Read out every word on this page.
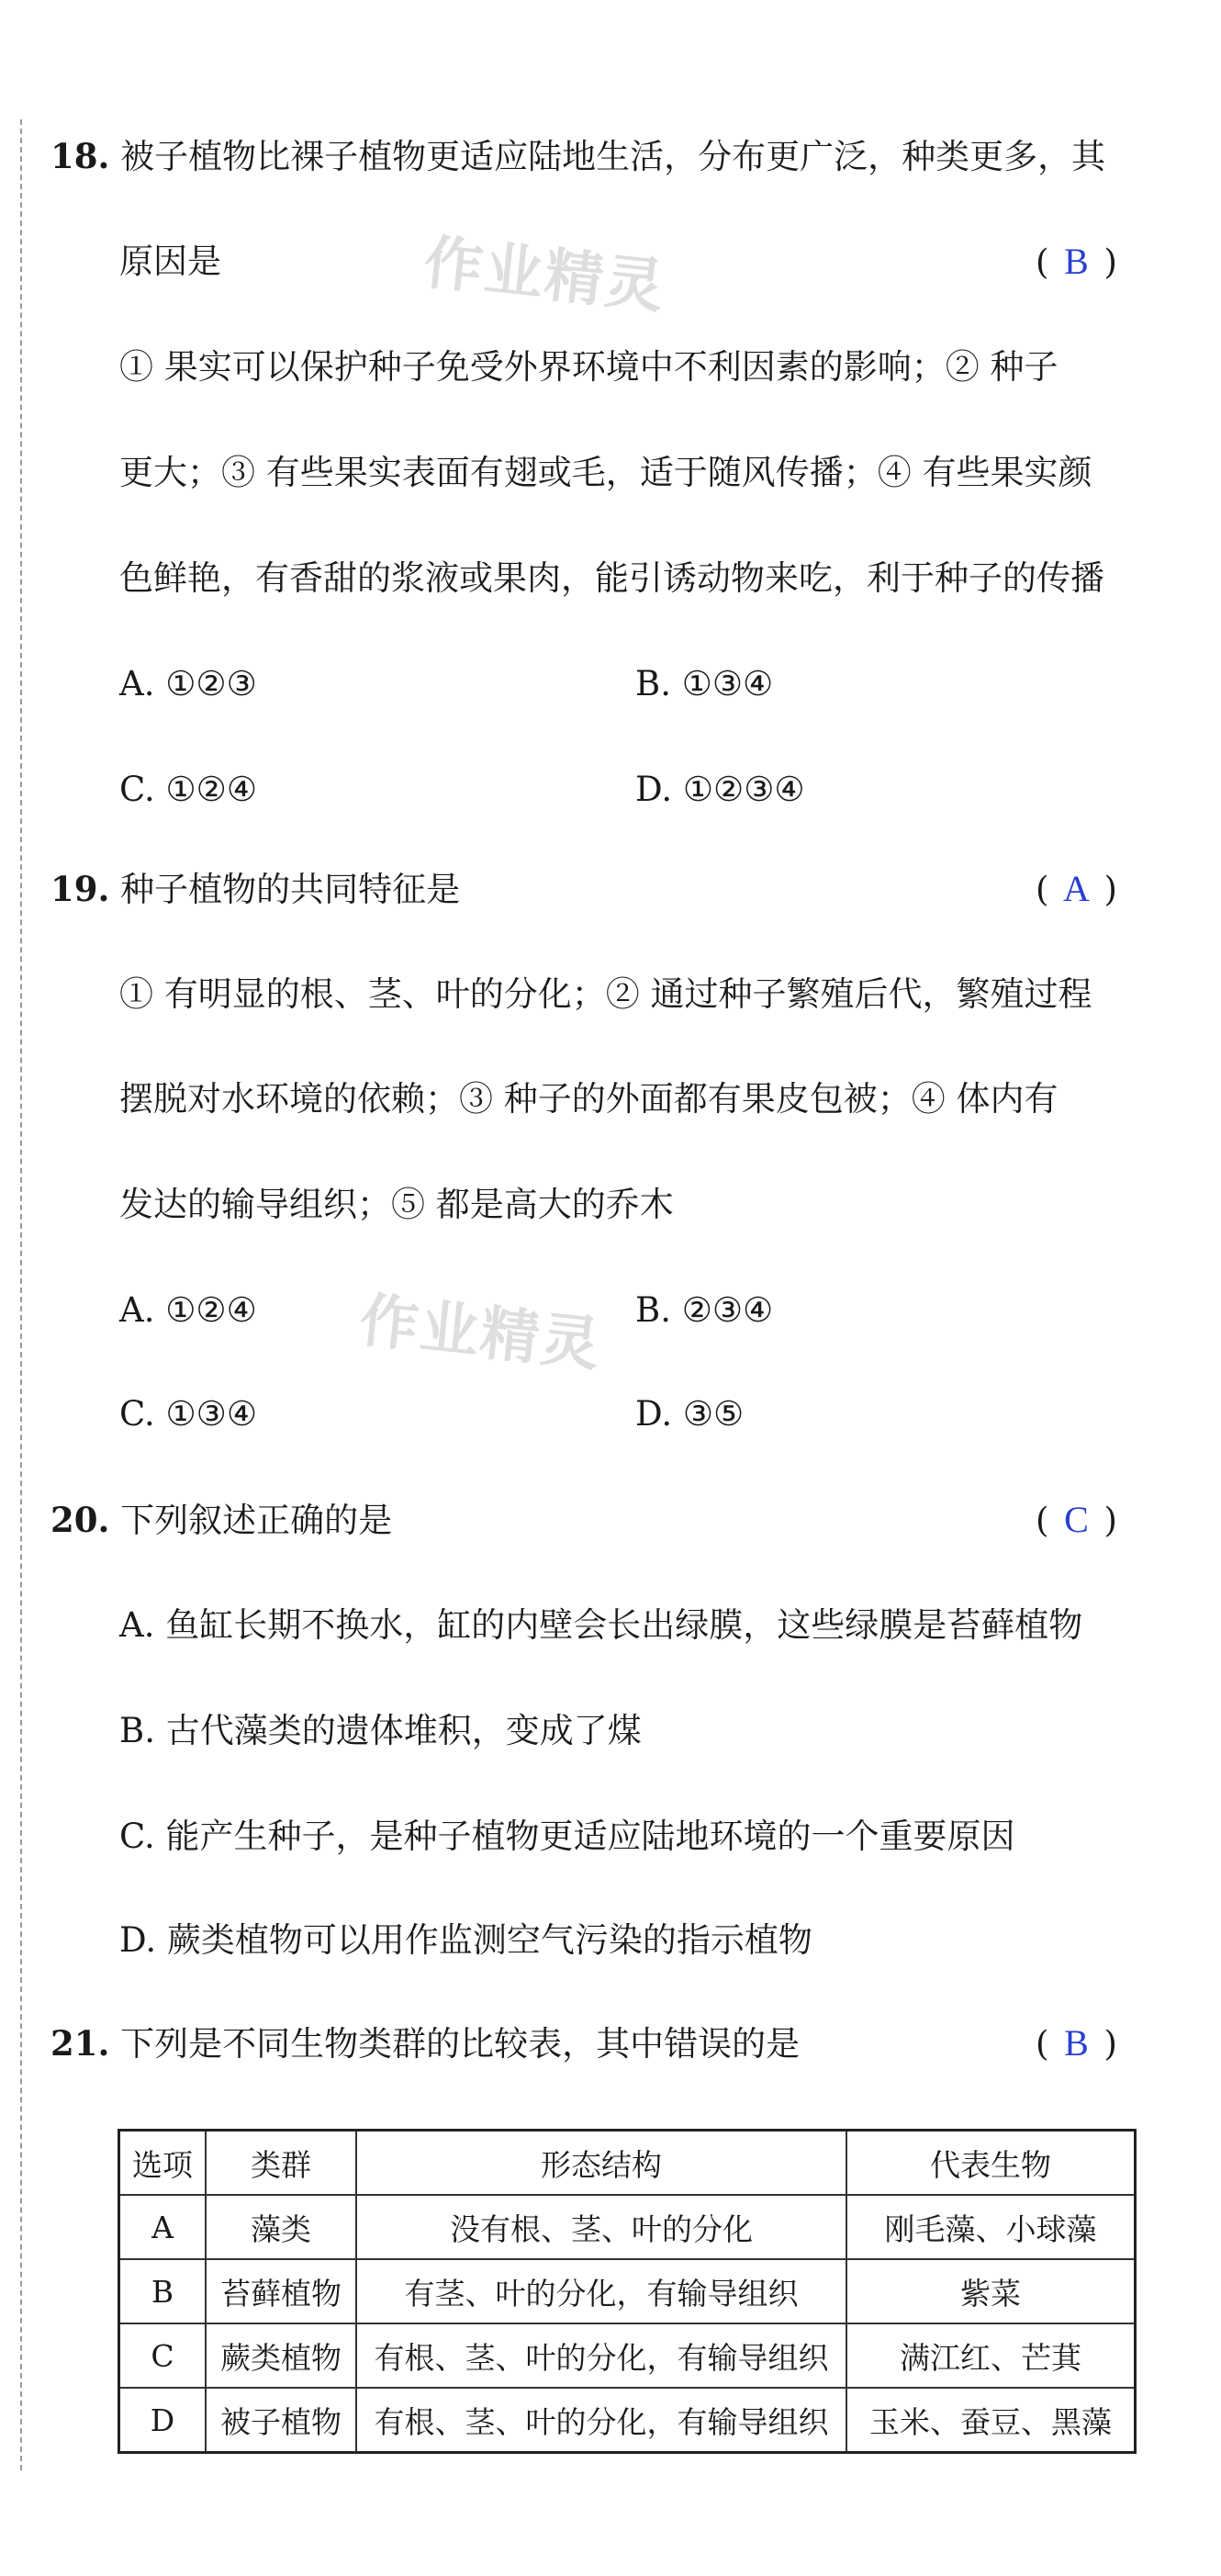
作业精灵
作业精灵
18. 被子植物比裸子植物更适应陆地生活，分布更广泛，种类更多，其
原因是	( B )
① 果实可以保护种子免受外界环境中不利因素的影响；② 种子
更大；③ 有些果实表面有翅或毛，适于随风传播；④ 有些果实颜
色鲜艳，有香甜的浆液或果肉，能引诱动物来吃，利于种子的传播
A. ①②③	B. ①③④
C. ①②④	D. ①②③④
19. 种子植物的共同特征是	( A )
① 有明显的根、茎、叶的分化；② 通过种子繁殖后代，繁殖过程
摆脱对水环境的依赖；③ 种子的外面都有果皮包被；④ 体内有
发达的输导组织；⑤ 都是高大的乔木
A. ①②④	B. ②③④
C. ①③④	D. ③⑤
20. 下列叙述正确的是	( C )
A. 鱼缸长期不换水，缸的内壁会长出绿膜，这些绿膜是苔藓植物
B. 古代藻类的遗体堆积，变成了煤
C. 能产生种子，是种子植物更适应陆地环境的一个重要原因
D. 蕨类植物可以用作监测空气污染的指示植物
21. 下列是不同生物类群的比较表，其中错误的是	( B )
选项	类群	形态结构	代表生物
A	藻类	没有根、茎、叶的分化	刚毛藻、小球藻
B	苔藓植物	有茎、叶的分化，有输导组织	紫菜
C	蕨类植物	有根、茎、叶的分化，有输导组织	满江红、芒萁
D	被子植物	有根、茎、叶的分化，有输导组织	玉米、蚕豆、黑藻
